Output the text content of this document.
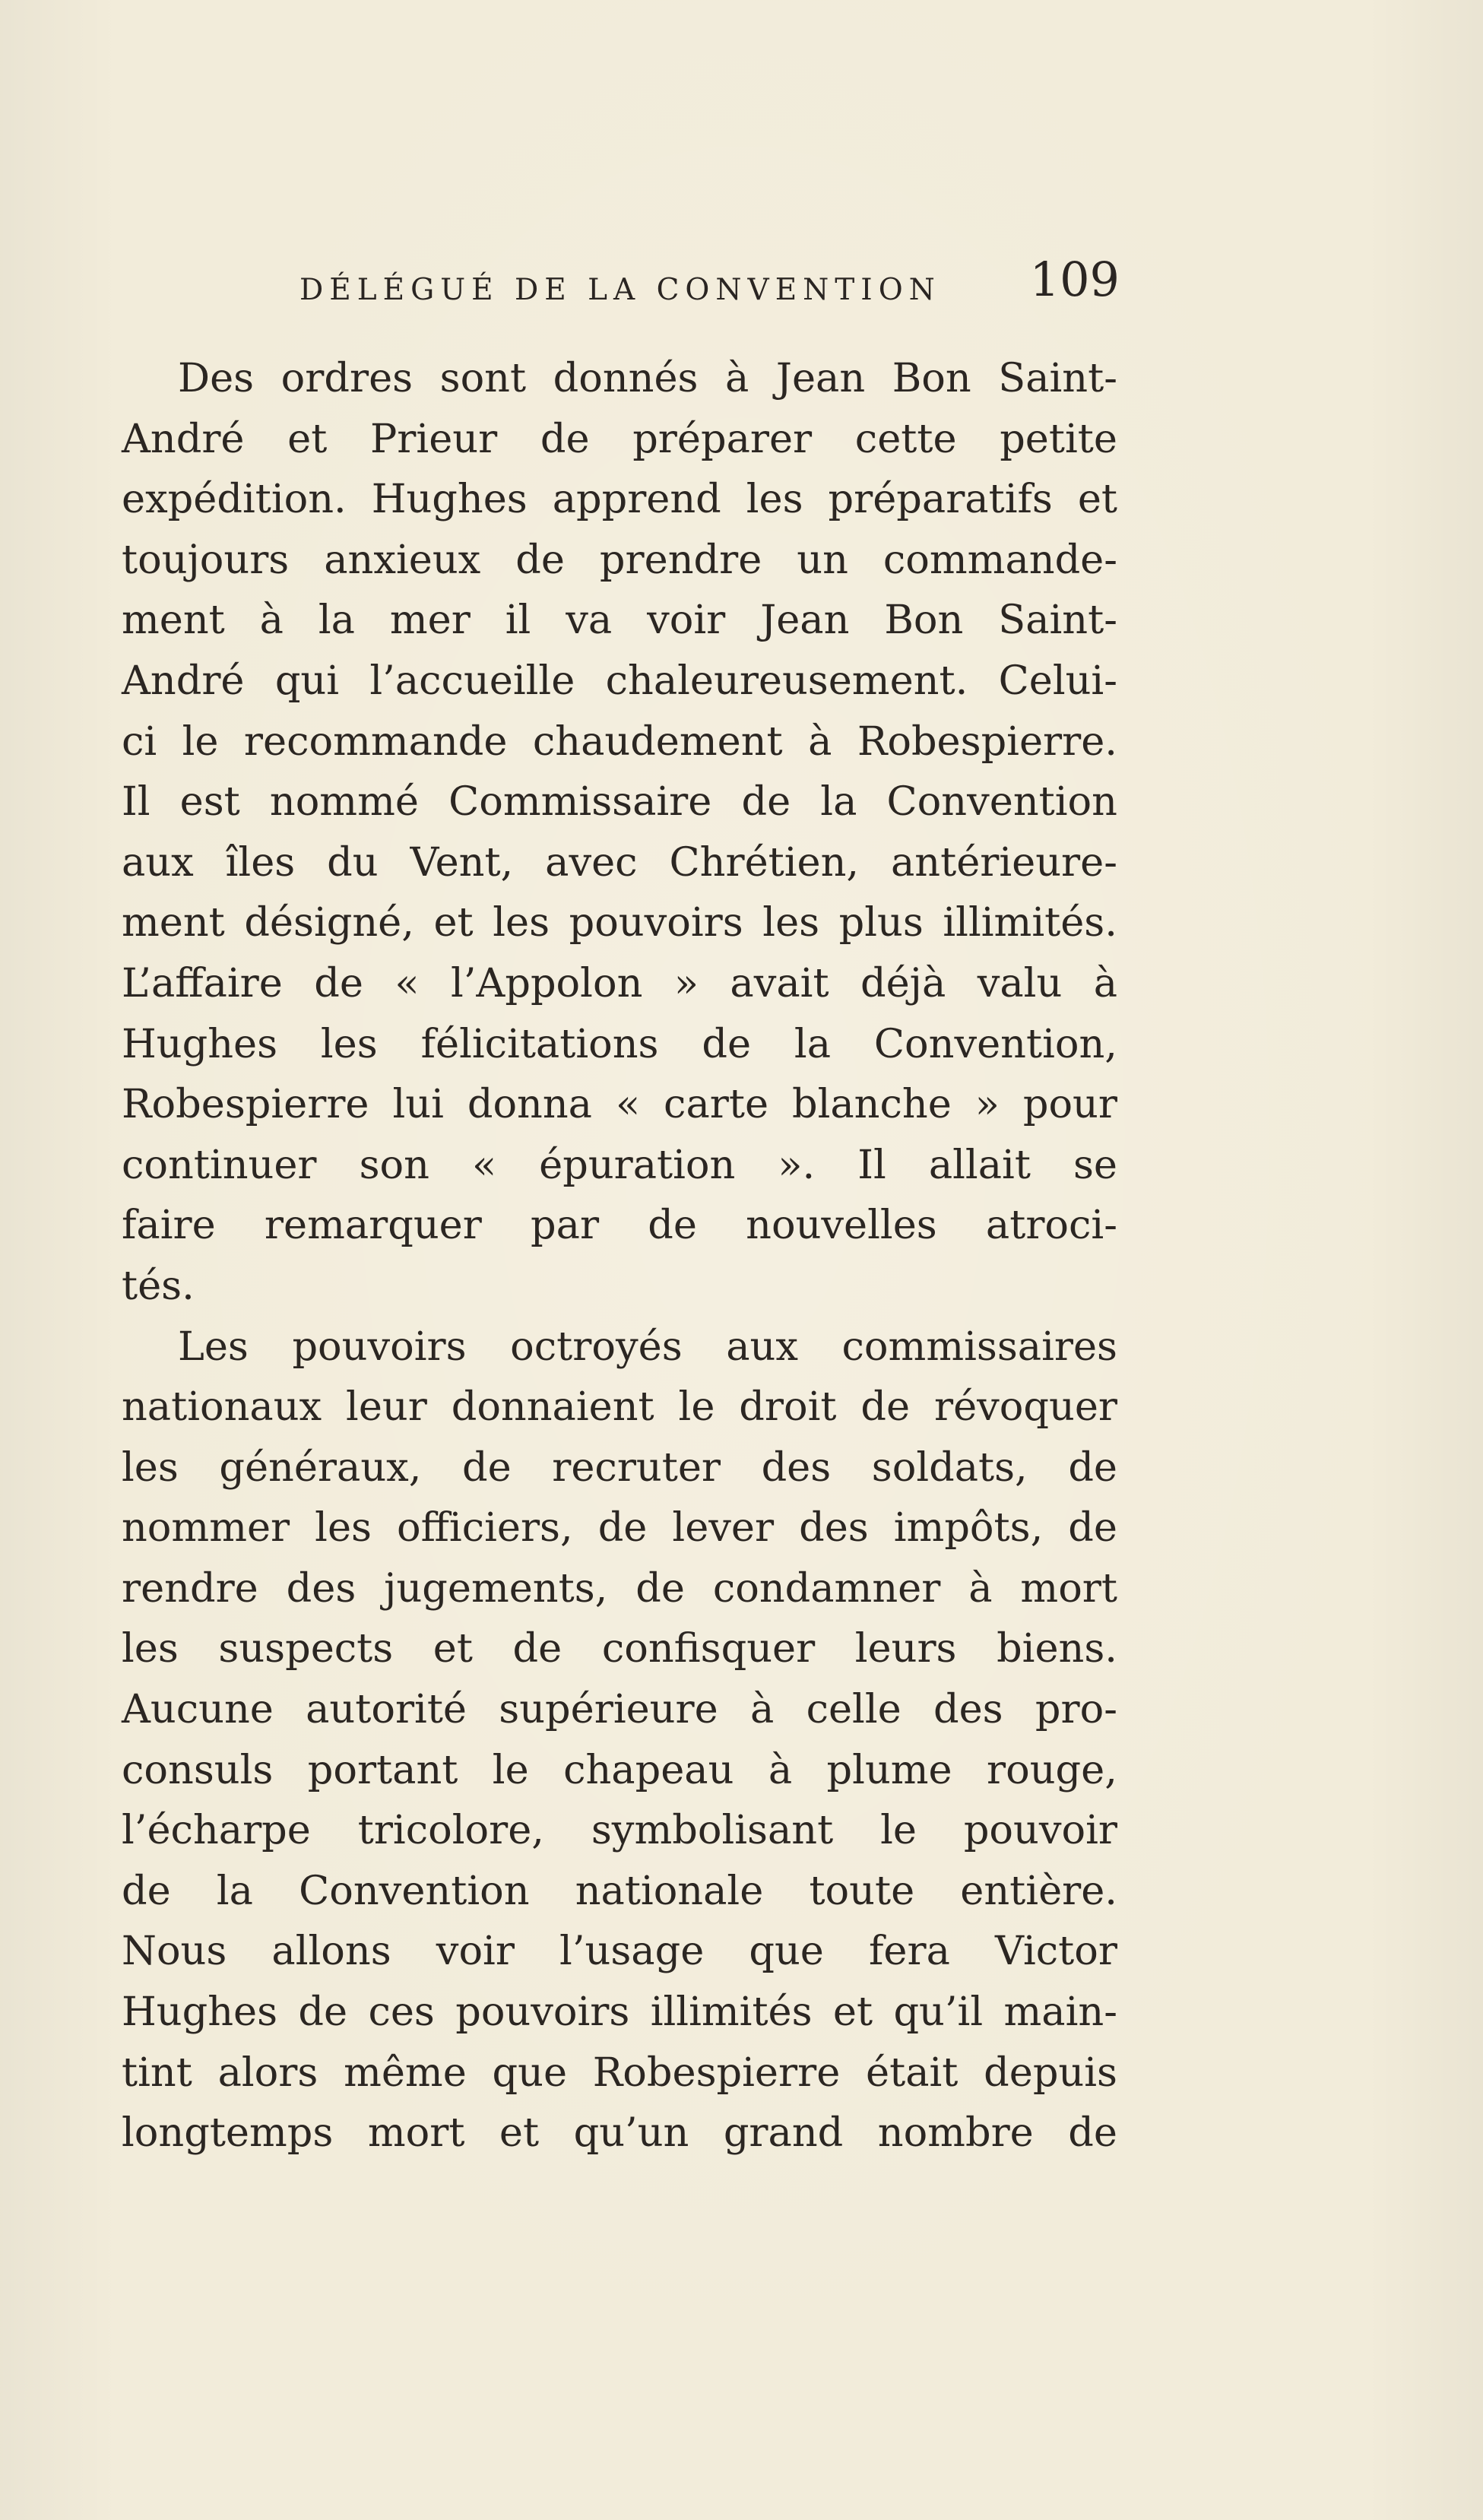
DÉLÉGUÉ DE LA CONVENTION 109
Des ordres sont donnés à Jean Bon Saint-
André et Prieur de préparer cette petite
expédition. Hughes apprend les préparatifs et
toujours anxieux de prendre un commande-
ment à la mer il va voir Jean Bon Saint-
André qui l’accueille chaleureusement. Celui-
ci le recommande chaudement à Robespierre.
Il est nommé Commissaire de la Convention
aux îles du Vent, avec Chrétien, antérieure-
ment désigné, et les pouvoirs les plus illimités.
L’affaire de « l’Appolon » avait déjà valu à
Hughes les félicitations de la Convention,
Robespierre lui donna « carte blanche » pour
continuer son « épuration ». Il allait se
faire remarquer par de nouvelles atroci-
tés.
Les pouvoirs octroyés aux commissaires
nationaux leur donnaient le droit de révoquer
les généraux, de recruter des soldats, de
nommer les officiers, de lever des impôts, de
rendre des jugements, de condamner à mort
les suspects et de confisquer leurs biens.
Aucune autorité supérieure à celle des pro-
consuls portant le chapeau à plume rouge,
l’écharpe tricolore, symbolisant le pouvoir
de la Convention nationale toute entière.
Nous allons voir l’usage que fera Victor
Hughes de ces pouvoirs illimités et qu’il main-
tint alors même que Robespierre était depuis
longtemps mort et qu’un grand nombre de
